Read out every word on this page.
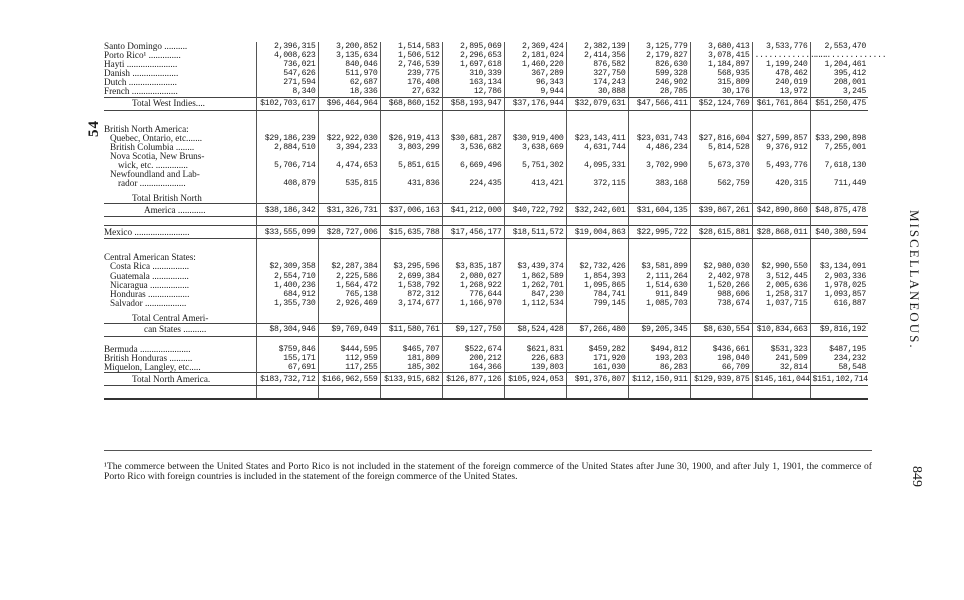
54
MISCELLANEOUS.
849
Santo Domingo ..........	2,396,315	3,200,852	1,514,583	2,895,069	2,369,424	2,382,139	3,125,779	3,680,413	3,533,776	2,553,470
Porto Rico¹ ..............	4,008,623	3,135,634	1,506,512	2,296,653	2,181,024	2,414,356	2,179,827	3,078,415	................	................
Hayti ......................	736,021	840,046	2,746,539	1,697,618	1,460,220	876,582	826,630	1,184,897	1,199,240	1,204,461
Danish ....................	547,626	511,970	239,775	310,339	367,289	327,750	599,328	568,935	478,462	395,412
Dutch .....................	271,594	62,687	176,408	163,134	96,343	174,243	246,902	315,809	240,019	208,001
French ....................	8,340	18,336	27,632	12,786	9,944	30,888	28,785	30,176	13,972	3,245
Total West Indies....	$102,703,617	$96,464,964	$68,860,152	$58,193,947	$37,176,944	$32,079,631	$47,566,411	$52,124,769	$61,761,864	$51,250,475

British North America:										
Quebec, Ontario, etc.......	$29,186,239	$22,922,030	$26,919,413	$30,681,287	$30,919,400	$23,143,411	$23,031,743	$27,816,604	$27,599,857	$33,290,898
British Columbia ........	2,884,510	3,394,233	3,803,299	3,536,682	3,638,669	4,631,744	4,486,234	5,814,528	9,376,912	7,255,001
Nova Scotia, New Bruns-										
wick, etc. ..............	5,706,714	4,474,653	5,851,615	6,669,496	5,751,302	4,095,331	3,702,990	5,673,370	5,493,776	7,618,130
Newfoundland and Lab-										
rador ....................	408,879	535,815	431,836	224,435	413,421	372,115	383,168	562,759	420,315	711,449
Total British North										
America ............	$38,186,342	$31,326,731	$37,006,163	$41,212,000	$40,722,792	$32,242,601	$31,604,135	$39,867,261	$42,890,860	$48,875,478

Mexico ........................	$33,555,099	$28,727,006	$15,635,788	$17,456,177	$18,511,572	$19,004,863	$22,995,722	$28,615,881	$28,868,011	$40,380,594

Central American States:										
Costa Rica ................	$2,309,358	$2,287,384	$3,295,596	$3,835,187	$3,439,374	$2,732,426	$3,581,899	$2,980,030	$2,990,550	$3,134,091
Guatemala ................	2,554,710	2,225,586	2,699,384	2,080,027	1,862,589	1,854,393	2,111,264	2,402,978	3,512,445	2,903,336
Nicaragua .................	1,400,236	1,564,472	1,538,792	1,268,922	1,262,701	1,095,865	1,514,630	1,520,266	2,005,636	1,978,025
Honduras ..................	684,912	765,138	872,312	776,644	847,230	784,741	911,849	988,606	1,258,317	1,093,857
Salvador ..................	1,355,730	2,926,469	3,174,677	1,166,970	1,112,534	799,145	1,085,703	738,674	1,037,715	616,887
Total Central Ameri-										
can States ..........	$8,304,946	$9,769,049	$11,580,761	$9,127,750	$8,524,428	$7,266,480	$9,205,345	$8,630,554	$10,834,663	$9,816,192

Bermuda ......................	$759,846	$444,595	$465,707	$522,674	$621,831	$459,282	$494,812	$436,661	$531,323	$487,195
British Honduras ..........	155,171	112,959	181,809	200,212	226,683	171,920	193,203	198,040	241,509	234,232
Miquelon, Langley, etc.....	67,691	117,255	185,302	164,366	139,803	161,030	86,283	66,709	32,814	58,548
Total North America.	$183,732,712	$166,962,559	$133,915,682	$126,877,126	$105,924,053	$91,376,807	$112,150,911	$129,939,875	$145,161,044	$151,102,714

¹The commerce between the United States and Porto Rico is not included in the statement of the foreign commerce of the United States after June 30, 1900, and after July 1, 1901, the commerce of Porto Rico with foreign countries is included in the statement of the foreign commerce of the United States.
